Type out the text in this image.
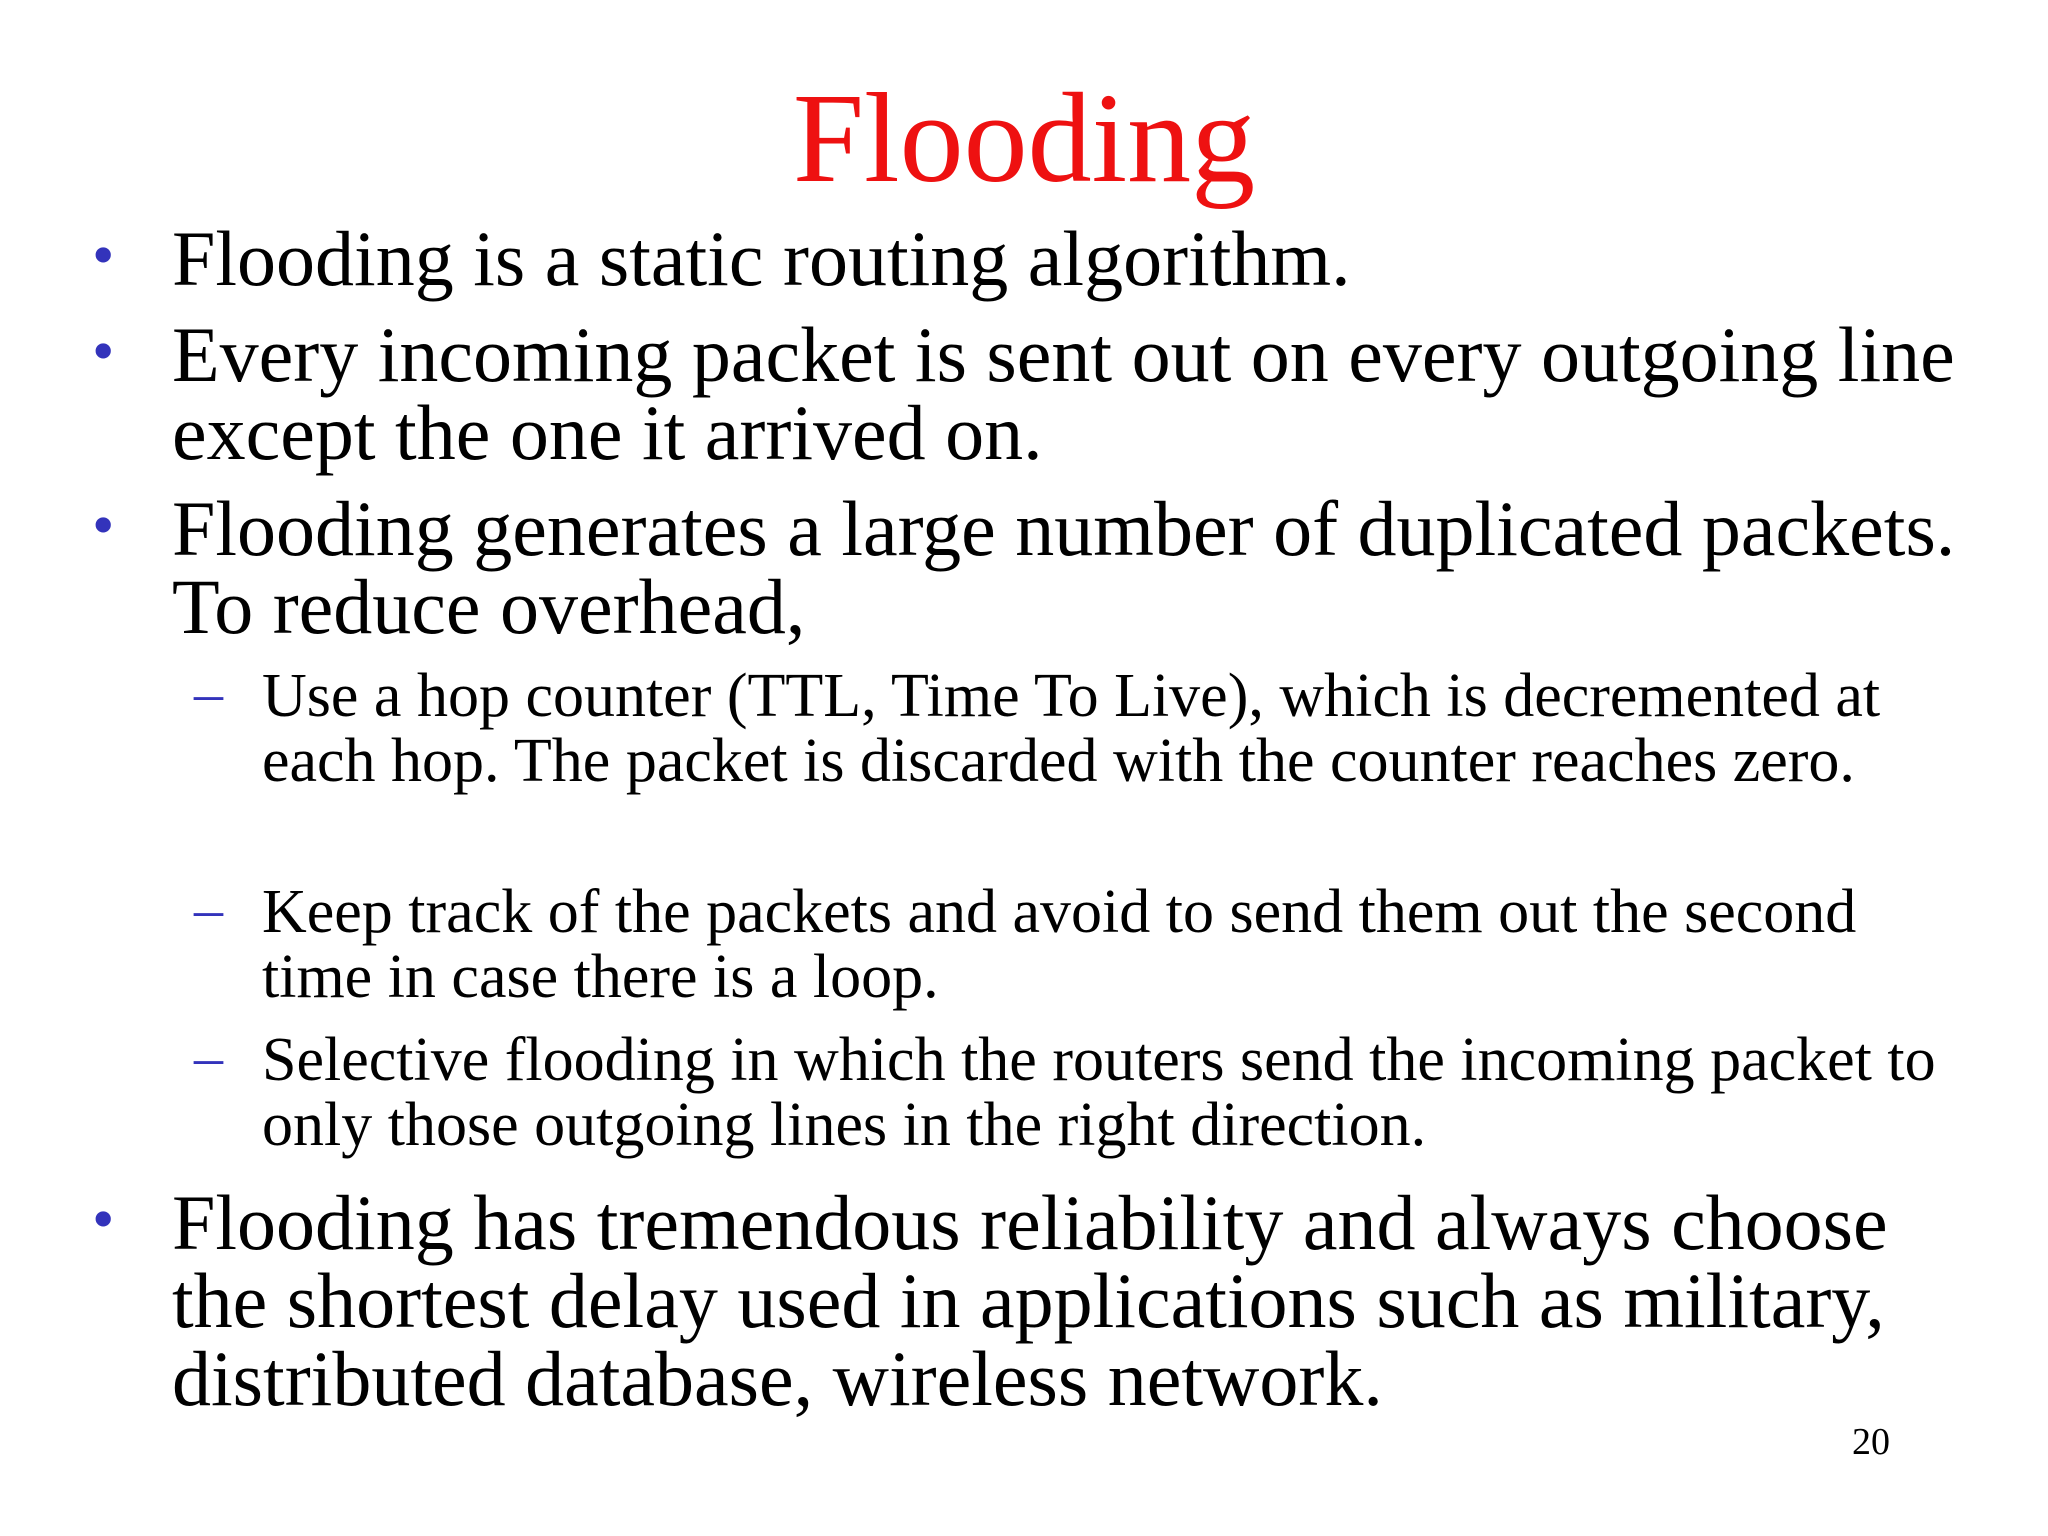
Flooding
• Flooding is a static routing algorithm.
• Every incoming packet is sent out on every outgoing line except the one it arrived on.
• Flooding generates a large number of duplicated packets. To reduce overhead,
– Use a hop counter (TTL, Time To Live), which is decremented at each hop. The packet is discarded with the counter reaches zero.
– Keep track of the packets and avoid to send them out the second time in case there is a loop.
– Selective flooding in which the routers send the incoming packet to only those outgoing lines in the right direction.
• Flooding has tremendous reliability and always choose the shortest delay used in applications such as military, distributed database, wireless network.
20
